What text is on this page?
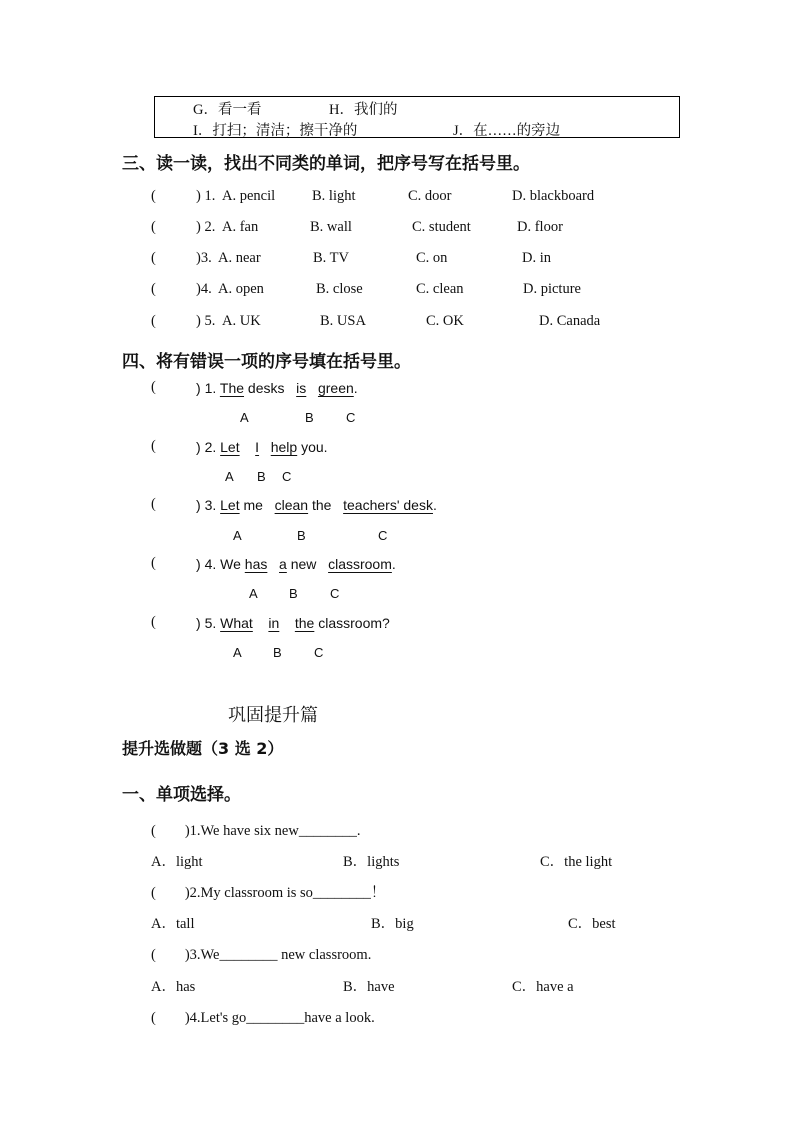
G．看一看	H．我们的
I．打扫；清洁；擦干净的	J．在……的旁边
三、读一读，找出不同类的单词，把序号写在括号里。
(	) 1. A. pencil	B. light	C. door	D. blackboard
(	) 2. A. fan	B. wall	C. student	D. floor
(	)3. A. near	B. TV	C. on	D. in
(	)4. A. open	B. close	C. clean	D. picture
(	) 5. A. UK	B. USA	C. OK	D. Canada
四、将有错误一项的序号填在括号里。
(	) 1. The desks   is green.
A	B C
(	) 2. Let I help you.
A B C
(	) 3. Let me   clean the   teachers' desk.
A	B	C
(	) 4. We has a new   classroom.
A B C
(	) 5. What in the classroom?
A B C
巩固提升篇
提升选做题（3 选 2）
一、单项选择。
(　　)1.We have six new________.
A．light	B．lights	C．the light
(　　)2.My classroom is so________！
A．tall	B．big	C．best
(　　)3.We________ new classroom.
A．has	B．have	C．have a
(　　)4.Let's go________have a look.
